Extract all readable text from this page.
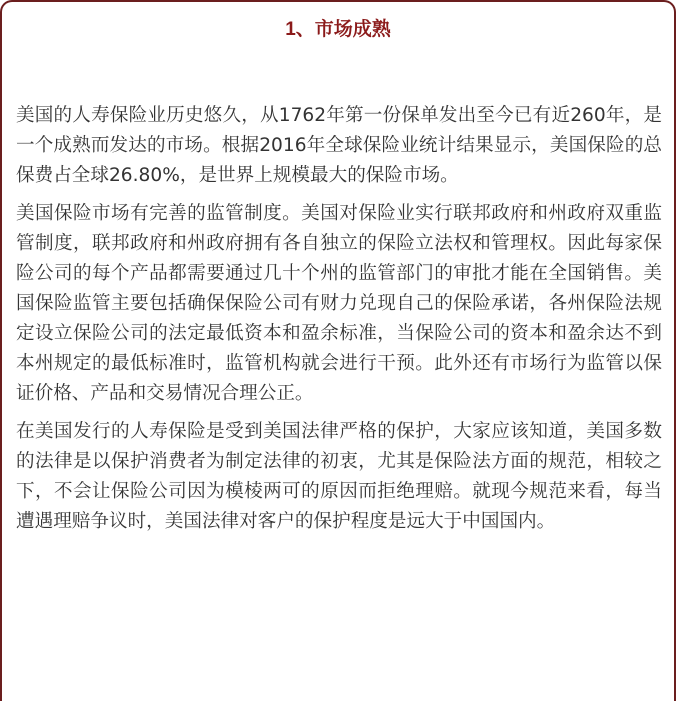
1、市场成熟

美国的人寿保险业历史悠久，从1762年第一份保单发出至今已有近260年，是一个成熟而发达的市场。根据2016年全球保险业统计结果显示，美国保险的总保费占全球26.80%，是世界上规模最大的保险市场。

美国保险市场有完善的监管制度。美国对保险业实行联邦政府和州政府双重监管制度，联邦政府和州政府拥有各自独立的保险立法权和管理权。因此每家保险公司的每个产品都需要通过几十个州的监管部门的审批才能在全国销售。美国保险监管主要包括确保保险公司有财力兑现自己的保险承诺，各州保险法规定设立保险公司的法定最低资本和盈余标准，当保险公司的资本和盈余达不到本州规定的最低标准时，监管机构就会进行干预。此外还有市场行为监管以保证价格、产品和交易情况合理公正。

在美国发行的人寿保险是受到美国法律严格的保护，大家应该知道，美国多数的法律是以保护消费者为制定法律的初衷，尤其是保险法方面的规范，相较之下，不会让保险公司因为模棱两可的原因而拒绝理赔。就现今规范来看，每当遭遇理赔争议时，美国法律对客户的保护程度是远大于中国国内。
